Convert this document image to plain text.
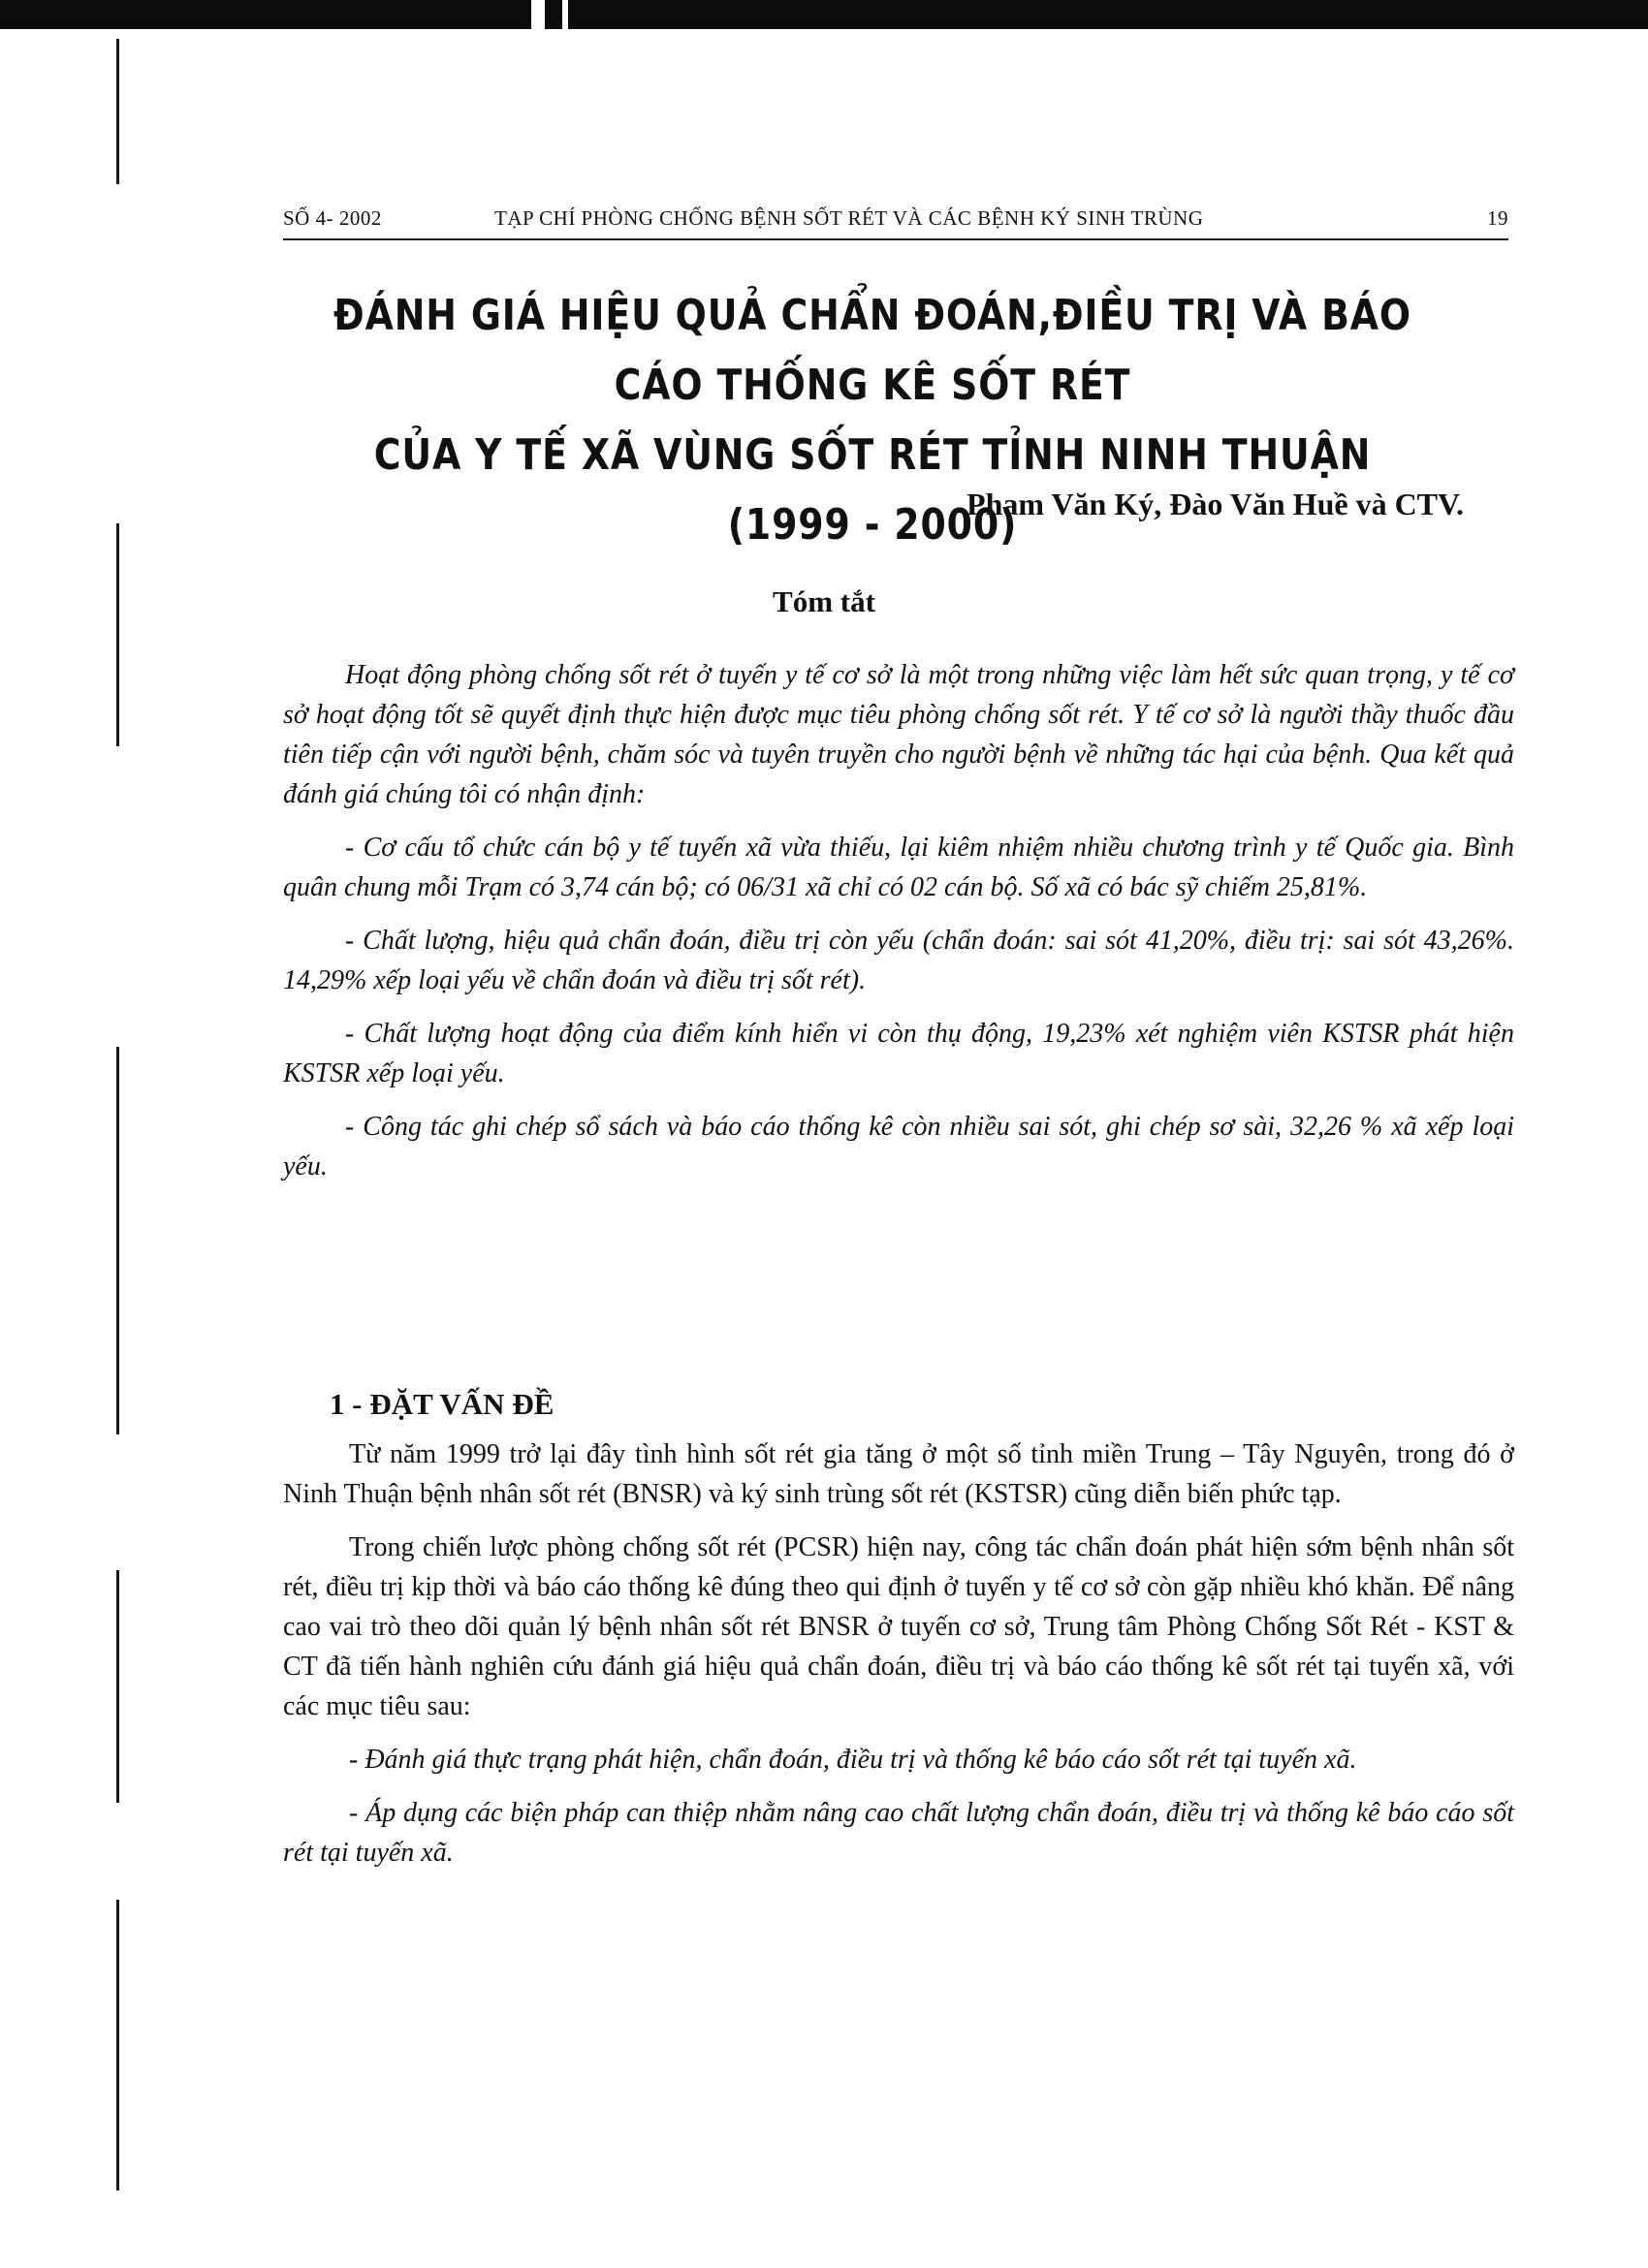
SỐ 4- 2002	TẠP CHÍ PHÒNG CHỐNG BỆNH SỐT RÉT VÀ CÁC BỆNH KÝ SINH TRÙNG	19
ĐÁNH GIÁ HIỆU QUẢ CHẨN ĐOÁN,ĐIỀU TRỊ VÀ BÁO CÁO THỐNG KÊ SỐT RÉT
CỦA Y TẾ XÃ VÙNG SỐT RÉT TỈNH NINH THUẬN (1999 - 2000)
Phạm Văn Ký, Đào Văn Huề và CTV.
Tóm tắt

Hoạt động phòng chống sốt rét ở tuyến y tế cơ sở là một trong những việc làm hết sức quan trọng, y tế cơ sở hoạt động tốt sẽ quyết định thực hiện được mục tiêu phòng chống sốt rét. Y tế cơ sở là người thầy thuốc đầu tiên tiếp cận với người bệnh, chăm sóc và tuyên truyền cho người bệnh về những tác hại của bệnh. Qua kết quả đánh giá chúng tôi có nhận định:

- Cơ cấu tổ chức cán bộ y tế tuyến xã vừa thiếu, lại kiêm nhiệm nhiều chương trình y tế Quốc gia. Bình quân chung mỗi Trạm có 3,74 cán bộ; có 06/31 xã chỉ có 02 cán bộ. Số xã có bác sỹ chiếm 25,81%.

- Chất lượng, hiệu quả chẩn đoán, điều trị còn yếu (chẩn đoán: sai sót 41,20%, điều trị: sai sót 43,26%. 14,29% xếp loại yếu về chẩn đoán và điều trị sốt rét).

- Chất lượng hoạt động của điểm kính hiển vi còn thụ động, 19,23% xét nghiệm viên KSTSR phát hiện KSTSR xếp loại yếu.

- Công tác ghi chép sổ sách và báo cáo thống kê còn nhiều sai sót, ghi chép sơ sài, 32,26 % xã xếp loại yếu.

1 - ĐẶT VẤN ĐỀ

Từ năm 1999 trở lại đây tình hình sốt rét gia tăng ở một số tỉnh miền Trung – Tây Nguyên, trong đó ở Ninh Thuận bệnh nhân sốt rét (BNSR) và ký sinh trùng sốt rét (KSTSR) cũng diễn biến phức tạp.

Trong chiến lược phòng chống sốt rét (PCSR) hiện nay, công tác chẩn đoán phát hiện sớm bệnh nhân sốt rét, điều trị kịp thời và báo cáo thống kê đúng theo qui định ở tuyến y tế cơ sở còn gặp nhiều khó khăn. Để nâng cao vai trò theo dõi quản lý bệnh nhân sốt rét BNSR ở tuyến cơ sở, Trung tâm Phòng Chống Sốt Rét - KST & CT đã tiến hành nghiên cứu đánh giá hiệu quả chẩn đoán, điều trị và báo cáo thống kê sốt rét tại tuyến xã, với các mục tiêu sau:

- Đánh giá thực trạng phát hiện, chẩn đoán, điều trị và thống kê báo cáo sốt rét tại tuyến xã.

- Áp dụng các biện pháp can thiệp nhằm nâng cao chất lượng chẩn đoán, điều trị và thống kê báo cáo sốt rét tại tuyến xã.
